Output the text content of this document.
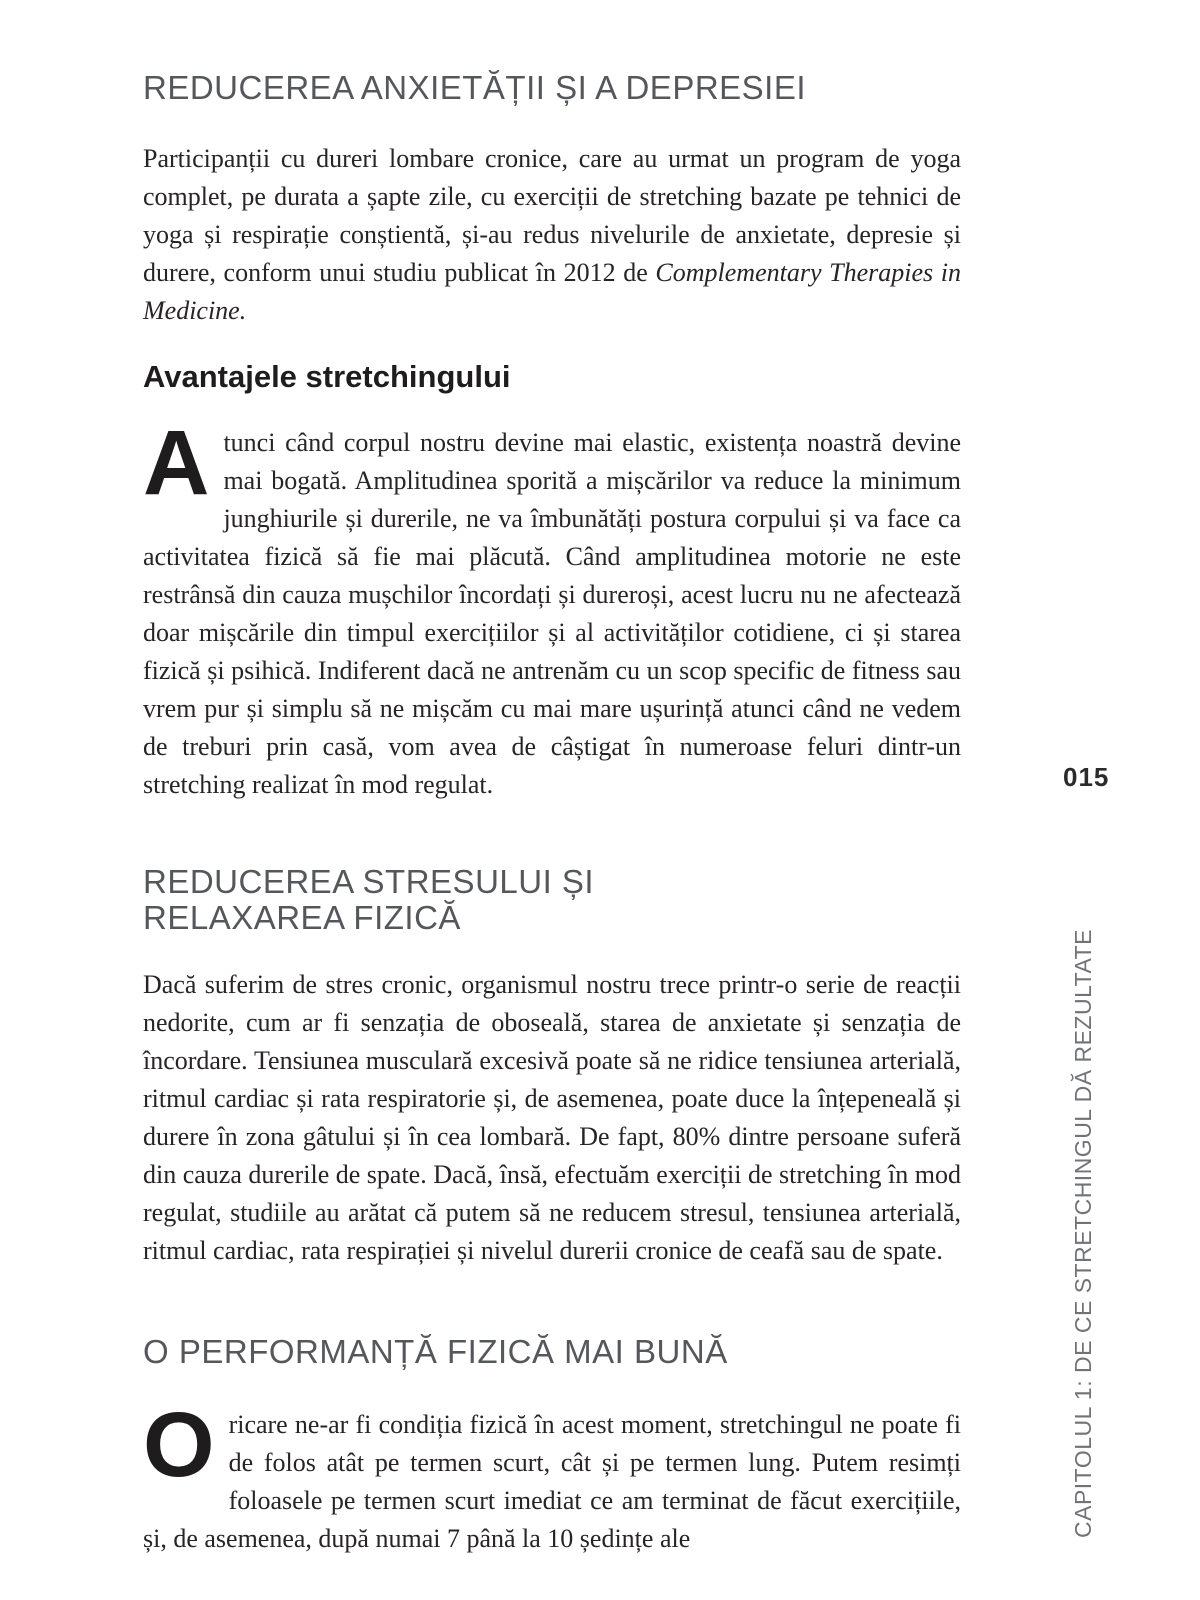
REDUCEREA ANXIETĂȚII ȘI A DEPRESIEI

Participanții cu dureri lombare cronice, care au urmat un program de yoga complet, pe durata a șapte zile, cu exerciții de stretching bazate pe tehnici de yoga și respirație conștientă, și-au redus nivelurile de anxietate, depresie și durere, conform unui studiu publicat în 2012 de Complementary Therapies in Medicine.

Avantajele stretchingului

Atunci când corpul nostru devine mai elastic, existența noastră devine mai bogată. Amplitudinea sporită a mișcărilor va reduce la minimum junghiurile și durerile, ne va îmbunătăți postura corpului și va face ca activitatea fizică să fie mai plăcută. Când amplitudinea motorie ne este restrânsă din cauza mușchilor încordați și dureroși, acest lucru nu ne afectează doar mișcările din timpul exercițiilor și al activităților cotidiene, ci și starea fizică și psihică. Indiferent dacă ne antrenăm cu un scop specific de fitness sau vrem pur și simplu să ne mișcăm cu mai mare ușurință atunci când ne vedem de treburi prin casă, vom avea de câștigat în numeroase feluri dintr-un stretching realizat în mod regulat.

REDUCEREA STRESULUI ȘI
RELAXAREA FIZICĂ

Dacă suferim de stres cronic, organismul nostru trece printr-o serie de reacții nedorite, cum ar fi senzația de oboseală, starea de anxietate și senzația de încordare. Tensiunea musculară excesivă poate să ne ridice tensiunea arterială, ritmul cardiac și rata respiratorie și, de asemenea, poate duce la înțepeneală și durere în zona gâtului și în cea lombară. De fapt, 80% dintre persoane suferă din cauza durerile de spate. Dacă, însă, efectuăm exerciții de stretching în mod regulat, studiile au arătat că putem să ne reducem stresul, tensiunea arterială, ritmul cardiac, rata respirației și nivelul durerii cronice de ceafă sau de spate.

O PERFORMANȚĂ FIZICĂ MAI BUNĂ

Oricare ne-ar fi condiția fizică în acest moment, stretchingul ne poate fi de folos atât pe termen scurt, cât și pe termen lung. Putem resimți foloasele pe termen scurt imediat ce am terminat de făcut exercițiile, și, de asemenea, după numai 7 până la 10 ședințe ale

015
CAPITOLUL 1: DE CE STRETCHINGUL DĂ REZULTATE
